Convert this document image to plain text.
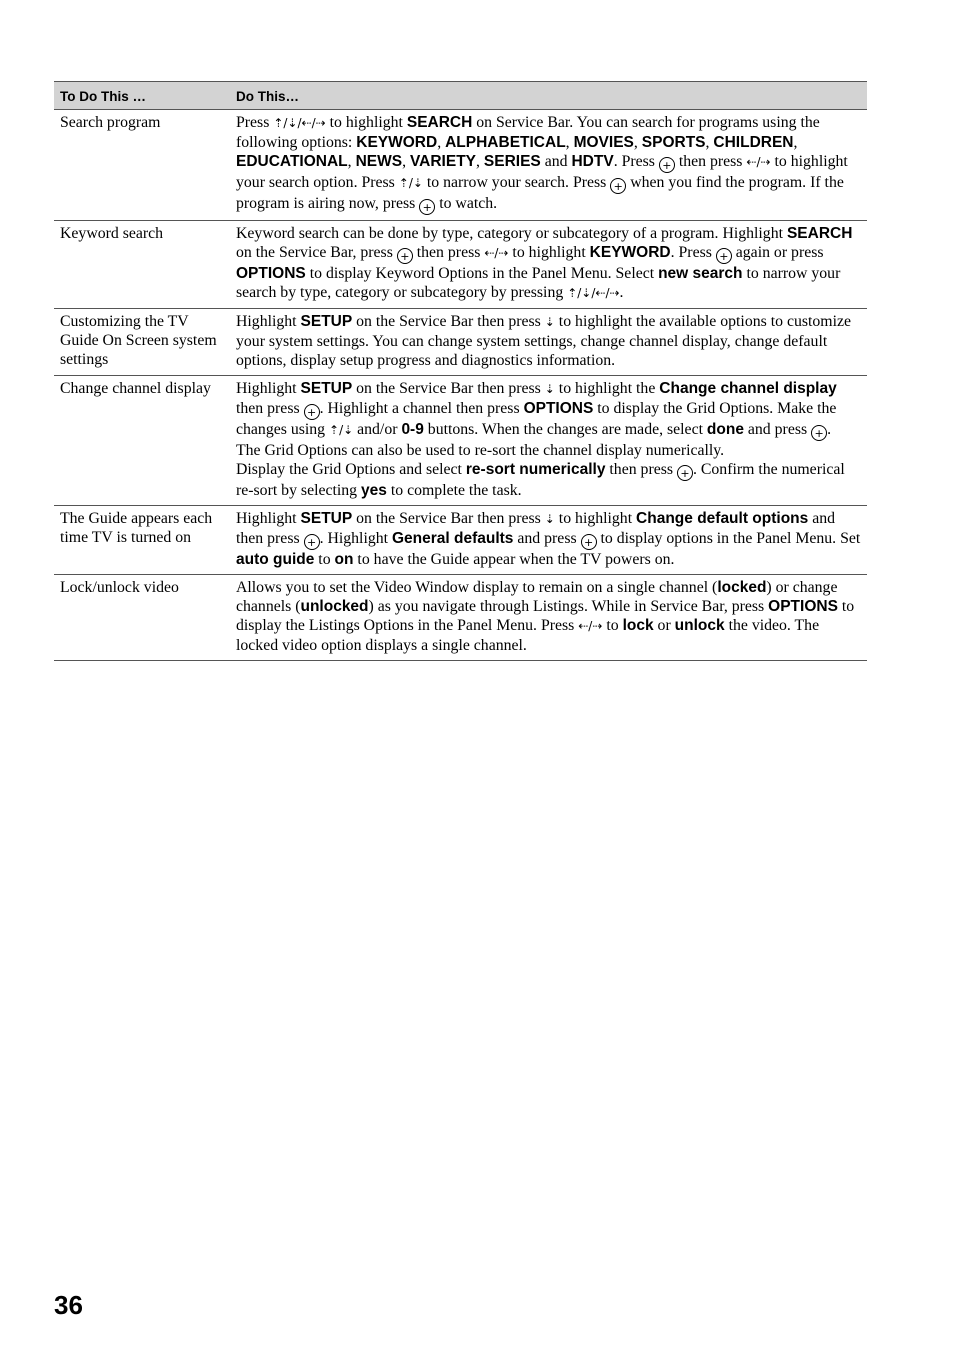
To Do This …	Do This…
Search program	Press ⇡/⇣/⇠/⇢ to highlight SEARCH on Service Bar. You can search for programs using the following options: KEYWORD, ALPHABETICAL, MOVIES, SPORTS, CHILDREN, EDUCATIONAL, NEWS, VARIETY, SERIES and HDTV. Press + then press ⇠/⇢ to highlight your search option. Press ⇡/⇣ to narrow your search. Press + when you find the program. If the program is airing now, press + to watch.
Keyword search	Keyword search can be done by type, category or subcategory of a program. Highlight SEARCH on the Service Bar, press + then press ⇠/⇢ to highlight KEYWORD. Press + again or press OPTIONS to display Keyword Options in the Panel Menu. Select new search to narrow your search by type, category or subcategory by pressing ⇡/⇣/⇠/⇢.
Customizing the TV Guide On Screen system settings	Highlight SETUP on the Service Bar then press ⇣ to highlight the available options to customize your system settings. You can change system settings, change channel display, change default options, display setup progress and diagnostics information.
Change channel display	Highlight SETUP on the Service Bar then press ⇣ to highlight the Change channel display then press + . Highlight a channel then press OPTIONS to display the Grid Options. Make the changes using ⇡/⇣ and/or 0-9 buttons. When the changes are made, select done and press + .
The Grid Options can also be used to re-sort the channel display numerically.
Display the Grid Options and select re-sort numerically then press + . Confirm the numerical re-sort by selecting yes to complete the task.
The Guide appears each time TV is turned on	Highlight SETUP on the Service Bar then press ⇣ to highlight Change default options and then press + . Highlight General defaults and press + to display options in the Panel Menu. Set auto guide to on to have the Guide appear when the TV powers on.
Lock/unlock video	Allows you to set the Video Window display to remain on a single channel (locked) or change channels (unlocked) as you navigate through Listings. While in Service Bar, press OPTIONS to display the Listings Options in the Panel Menu. Press ⇠/⇢ to lock or unlock the video. The locked video option displays a single channel.
36
